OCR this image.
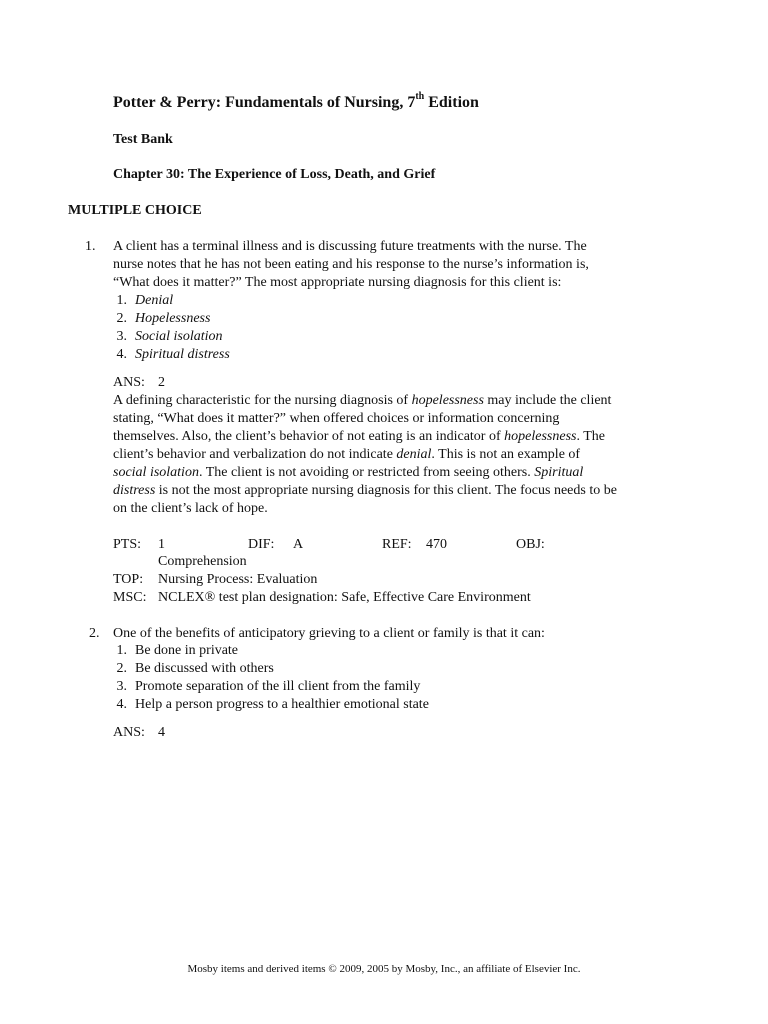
Potter & Perry: Fundamentals of Nursing, 7th Edition
Test Bank
Chapter 30: The Experience of Loss, Death, and Grief
MULTIPLE CHOICE
1. A client has a terminal illness and is discussing future treatments with the nurse. The
nurse notes that he has not been eating and his response to the nurse’s information is,
“What does it matter?” The most appropriate nursing diagnosis for this client is:
1. Denial
2. Hopelessness
3. Social isolation
4. Spiritual distress
ANS: 2
A defining characteristic for the nursing diagnosis of hopelessness may include the client
stating, “What does it matter?” when offered choices or information concerning
themselves. Also, the client’s behavior of not eating is an indicator of hopelessness. The
client’s behavior and verbalization do not indicate denial. This is not an example of
social isolation. The client is not avoiding or restricted from seeing others. Spiritual
distress is not the most appropriate nursing diagnosis for this client. The focus needs to be
on the client’s lack of hope.
PTS: 1	DIF: A	REF: 470	OBJ:
Comprehension
TOP: Nursing Process: Evaluation
MSC: NCLEX® test plan designation: Safe, Effective Care Environment
2. One of the benefits of anticipatory grieving to a client or family is that it can:
1. Be done in private
2. Be discussed with others
3. Promote separation of the ill client from the family
4. Help a person progress to a healthier emotional state
ANS: 4
Mosby items and derived items © 2009, 2005 by Mosby, Inc., an affiliate of Elsevier Inc.
